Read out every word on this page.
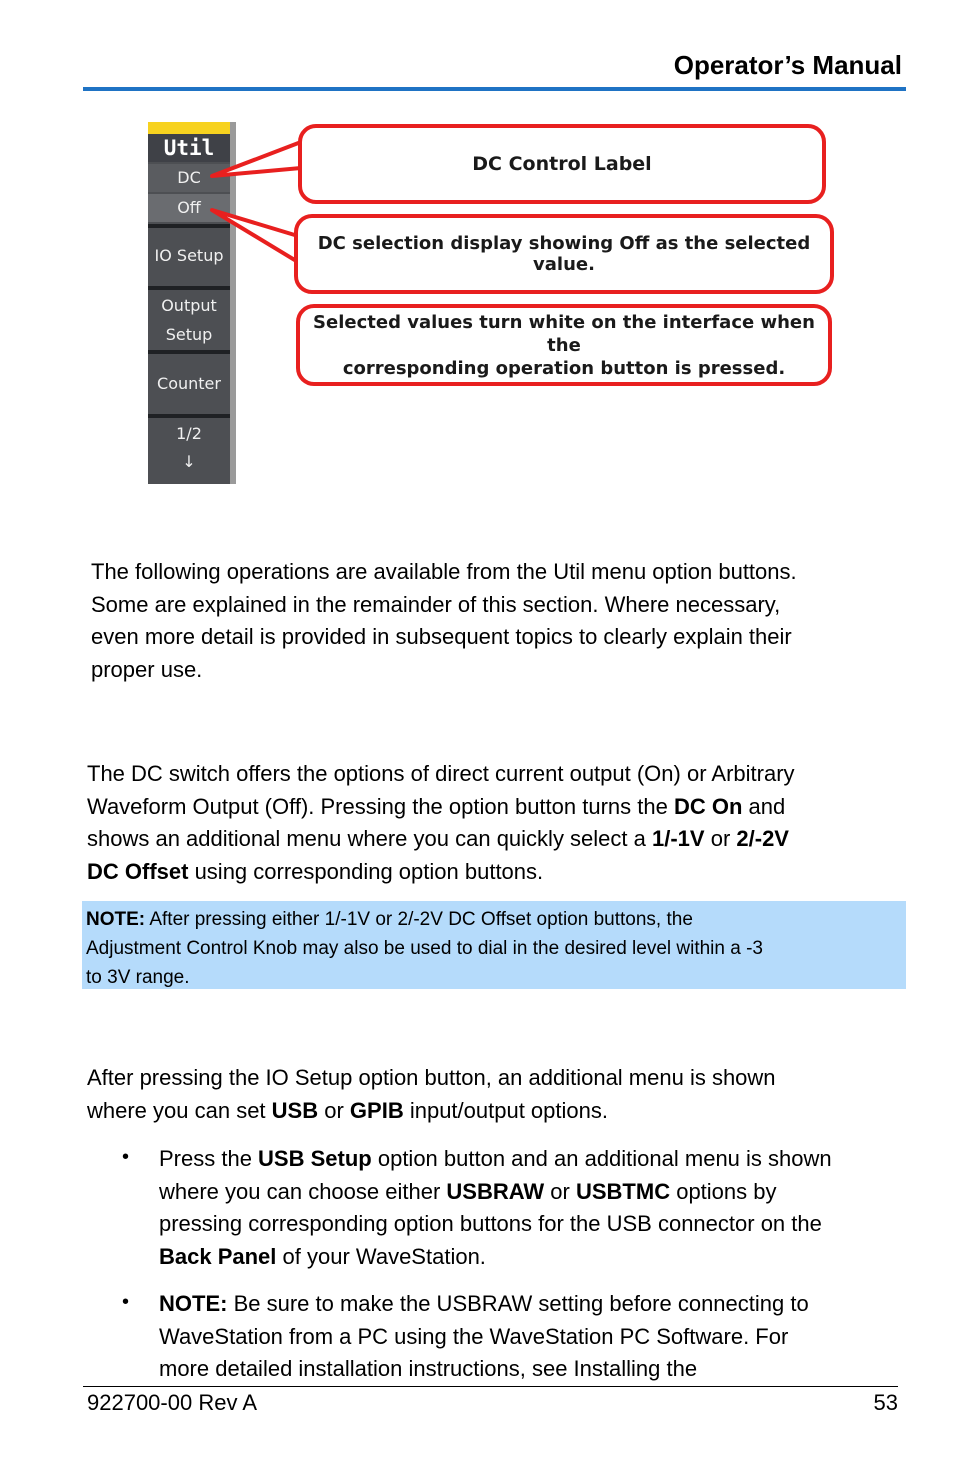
Operator’s Manual
Util
DC
Off
IO Setup
Output
Setup
Counter
1/2
↓
DC Control Label
DC selection display showing Off as the selected value.
Selected values turn white on the interface when the
corresponding operation button is pressed.
The following operations are available from the Util menu option buttons.
Some are explained in the remainder of this section. Where necessary,
even more detail is provided in subsequent topics to clearly explain their
proper use.
The DC switch offers the options of direct current output (On) or Arbitrary
Waveform Output (Off). Pressing the option button turns the DC On and
shows an additional menu where you can quickly select a 1/-1V or 2/-2V
DC Offset using corresponding option buttons.
NOTE: After pressing either 1/-1V or 2/-2V DC Offset option buttons, the
Adjustment Control Knob may also be used to dial in the desired level within a -3
to 3V range.
After pressing the IO Setup option button, an additional menu is shown
where you can set USB or GPIB input/output options.
• Press the USB Setup option button and an additional menu is shown
where you can choose either USBRAW or USBTMC options by
pressing corresponding option buttons for the USB connector on the
Back Panel of your WaveStation.
• NOTE: Be sure to make the USBRAW setting before connecting to
WaveStation from a PC using the WaveStation PC Software. For
more detailed installation instructions, see Installing the
922700-00 Rev A	53
